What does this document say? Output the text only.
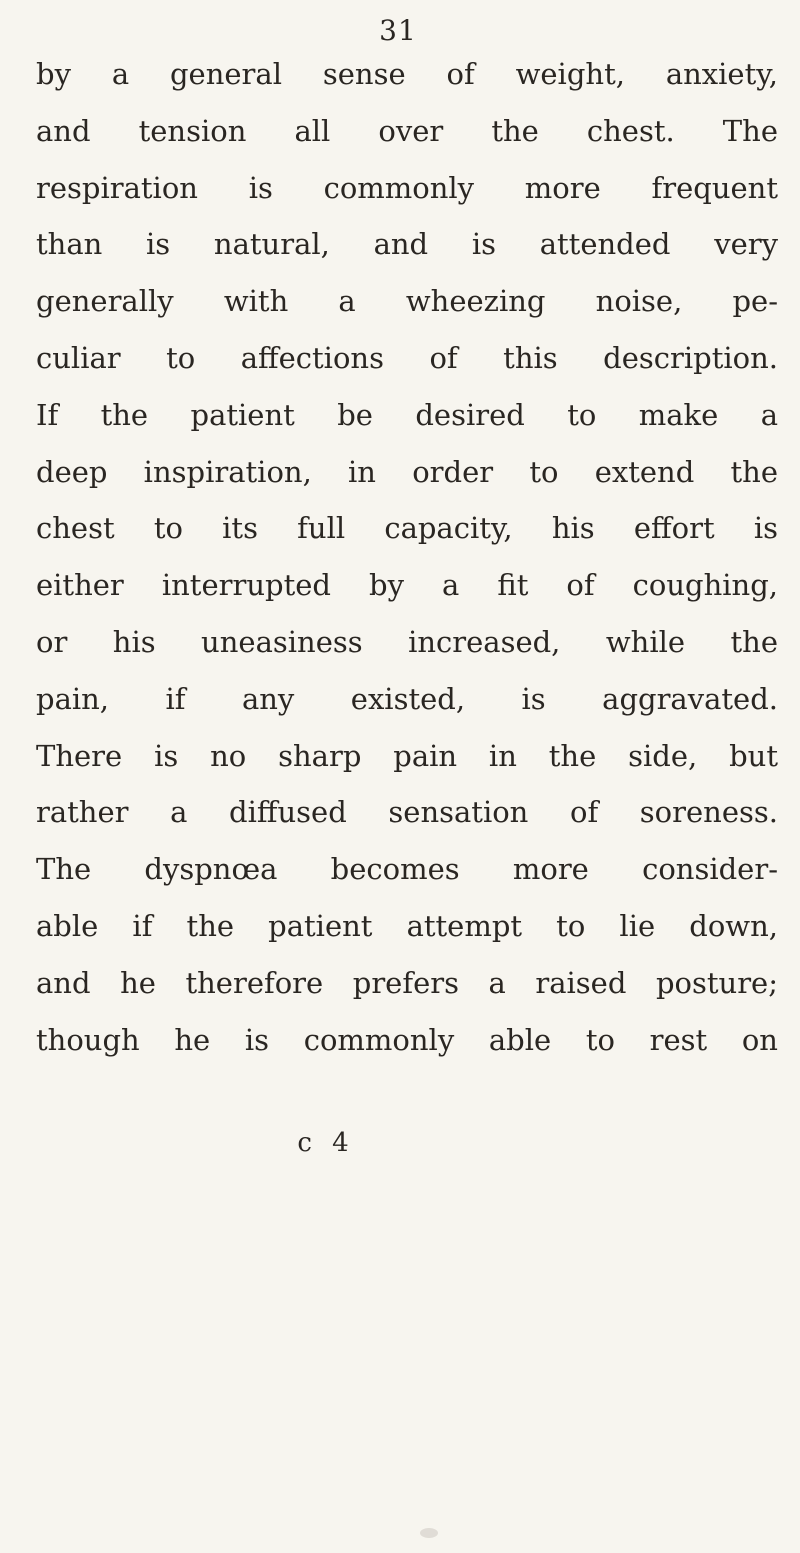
31
by a general sense of weight, anxiety,
and tension all over the chest. The
respiration is commonly more frequent
than is natural, and is attended very
generally with a wheezing noise, pe-
culiar to affections of this description.
If the patient be desired to make a
deep inspiration, in order to extend the
chest to its full capacity, his effort is
either interrupted by a fit of coughing,
or his uneasiness increased, while the
pain, if any existed, is aggravated.
There is no sharp pain in the side, but
rather a diffused sensation of soreness.
The dyspnœa becomes more consider-
able if the patient attempt to lie down,
and he therefore prefers a raised posture;
though he is commonly able to rest on
c 4
